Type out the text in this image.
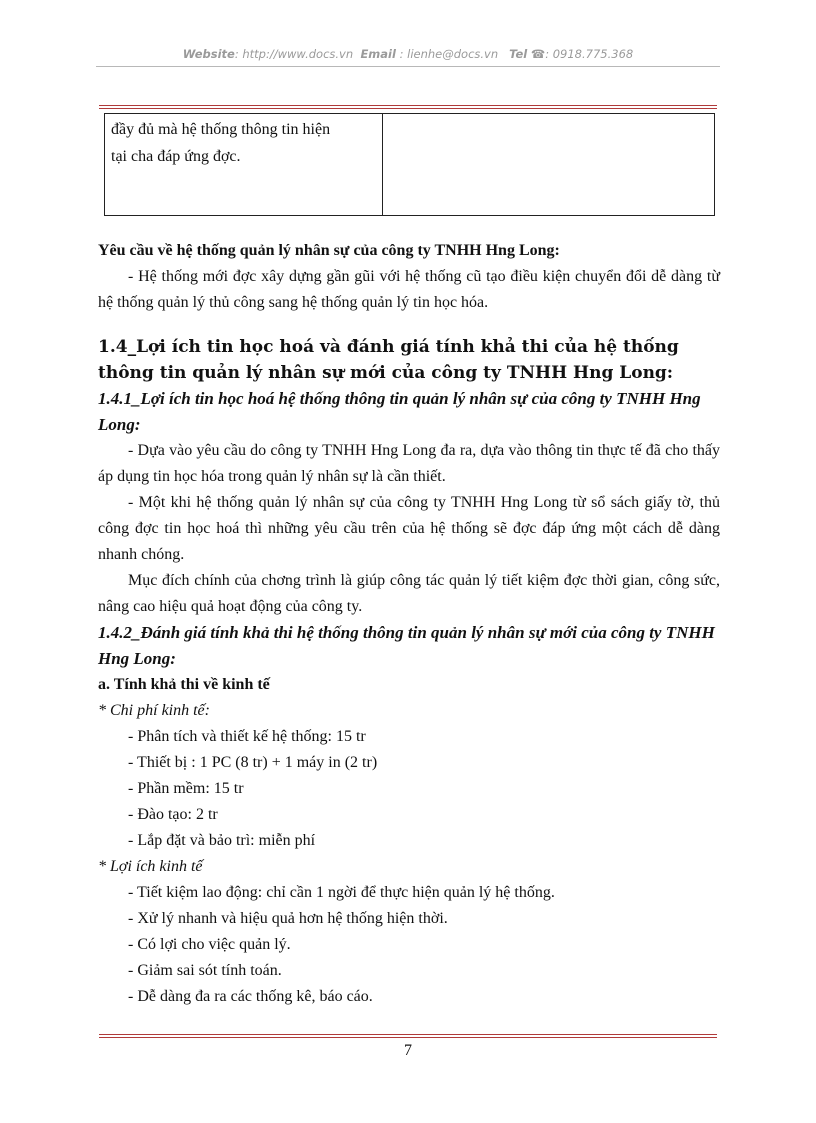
Website: http://www.docs.vn Email : lienhe@docs.vn Tel ☎: 0918.775.368
đầy đủ mà hệ thống thông tin hiện
tại cha đáp ứng đợc.

Yêu cầu về hệ thống quản lý nhân sự của công ty TNHH Hng Long:

- Hệ thống mới đợc xây dựng gần gũi với hệ thống cũ tạo điều kiện chuyển đổi dễ dàng từ hệ thống quản lý thủ công sang hệ thống quản lý tin học hóa.

1.4_Lợi ích tin học hoá và đánh giá tính khả thi của hệ thống thông tin quản lý nhân sự mới của công ty TNHH Hng Long:

1.4.1_Lợi ích tin học hoá hệ thống thông tin quản lý nhân sự của công ty TNHH Hng Long:

- Dựa vào yêu cầu do công ty TNHH Hng Long đa ra, dựa vào thông tin thực tế đã cho thấy áp dụng tin học hóa trong quản lý nhân sự là cần thiết.

- Một khi hệ thống quản lý nhân sự của công ty TNHH Hng Long từ sổ sách giấy tờ, thủ công đợc tin học hoá thì những yêu cầu trên của hệ thống sẽ đợc đáp ứng một cách dễ dàng nhanh chóng.

Mục đích chính của chơng trình là giúp công tác quản lý tiết kiệm đợc thời gian, công sức, nâng cao hiệu quả hoạt động của công ty.

1.4.2_Đánh giá tính khả thi hệ thống thông tin quản lý nhân sự mới của công ty TNHH Hng Long:

a. Tính khả thi về kinh tế

* Chi phí kinh tế:

- Phân tích và thiết kế hệ thống: 15 tr

- Thiết bị : 1 PC (8 tr) + 1 máy in (2 tr)

- Phần mềm: 15 tr

- Đào tạo: 2 tr

- Lắp đặt và bảo trì: miễn phí

* Lợi ích kinh tế

- Tiết kiệm lao động: chỉ cần 1 ngời để thực hiện quản lý hệ thống.

- Xử lý nhanh và hiệu quả hơn hệ thống hiện thời.

- Có lợi cho việc quản lý.

- Giảm sai sót tính toán.

- Dễ dàng đa ra các thống kê, báo cáo.

7
